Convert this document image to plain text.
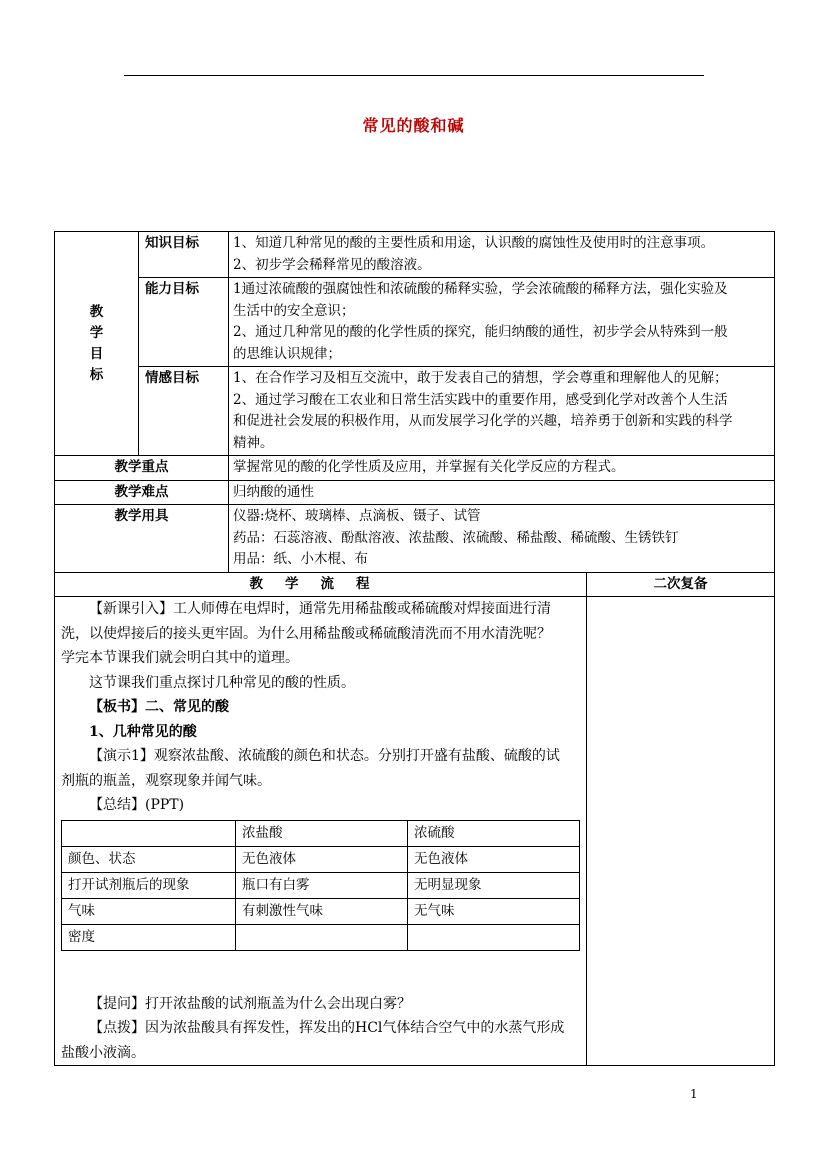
常见的酸和碱
教
学
目
标
	知识目标	1、知道几种常见的酸的主要性质和用途，认识酸的腐蚀性及使用时的注意事项。
2、初步学会稀释常见的酸溶液。

能力目标	1通过浓硫酸的强腐蚀性和浓硫酸的稀释实验，学会浓硫酸的稀释方法，强化实验及
生活中的安全意识；
2、通过几种常见的酸的化学性质的探究，能归纳酸的通性，初步学会从特殊到一般
的思维认识规律；

情感目标	1、在合作学习及相互交流中，敢于发表自己的猜想，学会尊重和理解他人的见解；
2、通过学习酸在工农业和日常生活实践中的重要作用，感受到化学对改善个人生活
和促进社会发展的积极作用，从而发展学习化学的兴趣，培养勇于创新和实践的科学
精神。

教学重点	掌握常见的酸的化学性质及应用，并掌握有关化学反应的方程式。
教学难点	归纳酸的通性
教学用具	仪器:烧杯、玻璃棒、点滴板、镊子、试管
药品：石蕊溶液、酚酞溶液、浓盐酸、浓硫酸、稀盐酸、稀硫酸、生锈铁钉
用品：纸、小木棍、布

教学流程	二次复备

【新课引入】工人师傅在电焊时，通常先用稀盐酸或稀硫酸对焊接面进行清
洗，以使焊接后的接头更牢固。为什么用稀盐酸或稀硫酸清洗而不用水清洗呢？
学完本节课我们就会明白其中的道理。
这节课我们重点探讨几种常见的酸的性质。
【板书】二、常见的酸
1、几种常见的酸
【演示1】观察浓盐酸、浓硫酸的颜色和状态。分别打开盛有盐酸、硫酸的试
剂瓶的瓶盖，观察现象并闻气味。
【总结】(PPT)
	浓盐酸	浓硫酸
颜色、状态	无色液体	无色液体
打开试剂瓶后的现象	瓶口有白雾	无明显现象
气味	有刺激性气味	无气味
密度		
【提问】打开浓盐酸的试剂瓶盖为什么会出现白雾？
【点拨】因为浓盐酸具有挥发性，挥发出的HCl气体结合空气中的水蒸气形成
盐酸小液滴。

1
